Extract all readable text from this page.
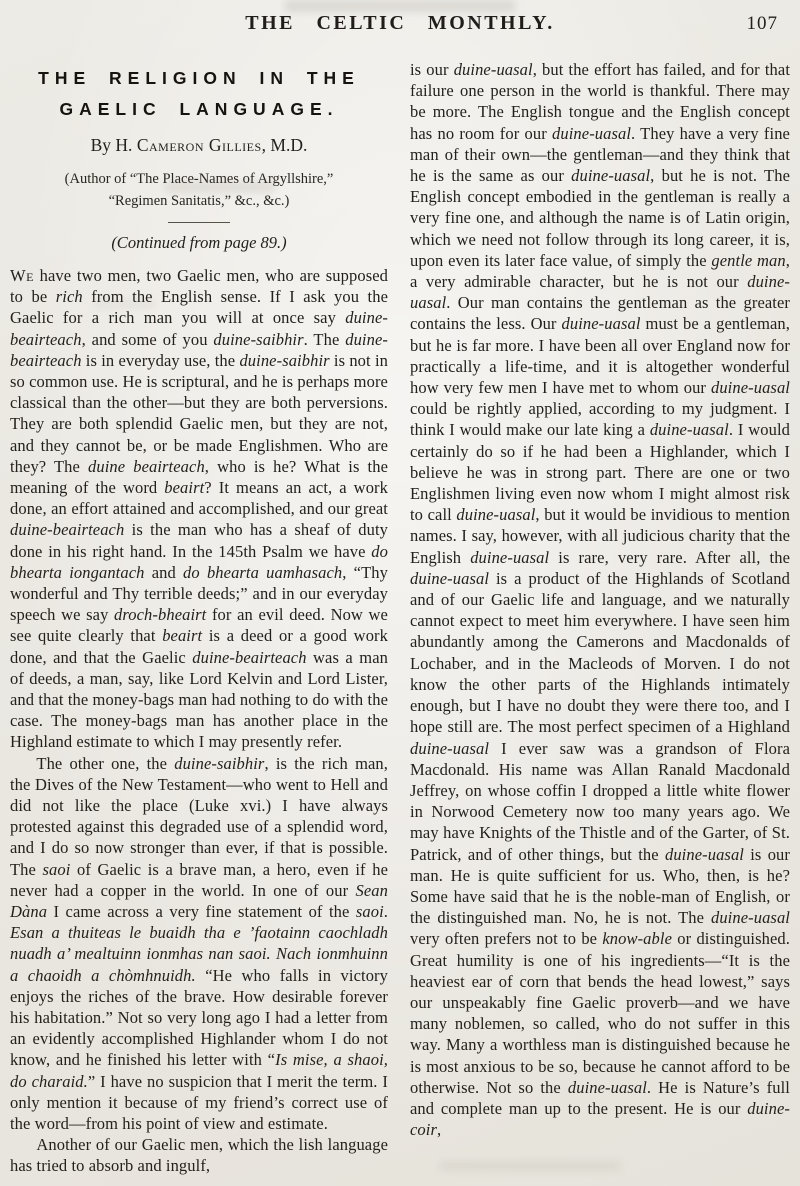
THE CELTIC MONTHLY.	107
THE RELIGION IN THE
GAELIC LANGUAGE.
By H. Cameron Gillies, M.D.
(Author of “The Place-Names of Argyllshire,”
“Regimen Sanitatis,” &c., &c.)
(Continued from page 89.)

We have two men, two Gaelic men, who are supposed to be rich from the English sense. If I ask you the Gaelic for a rich man you will at once say duine-beairteach, and some of you duine-saibhir. The duine-beairteach is in everyday use, the duine-saibhir is not in so common use. He is scriptural, and he is perhaps more classical than the other—but they are both perversions. They are both splendid Gaelic men, but they are not, and they cannot be, or be made Englishmen. Who are they? The duine beairteach, who is he? What is the meaning of the word beairt? It means an act, a work done, an effort attained and accomplished, and our great duine-beairteach is the man who has a sheaf of duty done in his right hand. In the 145th Psalm we have do bhearta iongantach and do bhearta uamhasach, “Thy wonderful and Thy terrible deeds;” and in our everyday speech we say droch-bheairt for an evil deed. Now we see quite clearly that beairt is a deed or a good work done, and that the Gaelic duine-beairteach was a man of deeds, a man, say, like Lord Kelvin and Lord Lister, and that the money-bags man had nothing to do with the case. The money-bags man has another place in the Highland estimate to which I may presently refer.

The other one, the duine-saibhir, is the rich man, the Dives of the New Testament—who went to Hell and did not like the place (Luke xvi.) I have always protested against this degraded use of a splendid word, and I do so now stronger than ever, if that is possible. The saoi of Gaelic is a brave man, a hero, even if he never had a copper in the world. In one of our Sean Dàna I came across a very fine statement of the saoi. Esan a thuiteas le buaidh tha e ’faotainn caochladh nuadh a’ mealtuinn ionmhas nan saoi. Nach ionmhuinn a chaoidh a chòmhnuidh. “He who falls in victory enjoys the riches of the brave. How desirable forever his habitation.” Not so very long ago I had a letter from an evidently accomplished Highlander whom I do not know, and he finished his letter with “Is mise, a shaoi, do charaid.” I have no suspicion that I merit the term. I only mention it because of my friend’s correct use of the word—from his point of view and estimate.

Another of our Gaelic men, which the lish language has tried to absorb and ingulf,

is our duine-uasal, but the effort has failed, and for that failure one person in the world is thankful. There may be more. The English tongue and the English concept has no room for our duine-uasal. They have a very fine man of their own—the gentleman—and they think that he is the same as our duine-uasal, but he is not. The English concept embodied in the gentleman is really a very fine one, and although the name is of Latin origin, which we need not follow through its long career, it is, upon even its later face value, of simply the gentle man, a very admirable character, but he is not our duine-uasal. Our man contains the gentleman as the greater contains the less. Our duine-uasal must be a gentleman, but he is far more. I have been all over England now for practically a life-time, and it is altogether wonderful how very few men I have met to whom our duine-uasal could be rightly applied, according to my judgment. I think I would make our late king a duine-uasal. I would certainly do so if he had been a Highlander, which I believe he was in strong part. There are one or two Englishmen living even now whom I might almost risk to call duine-uasal, but it would be invidious to mention names. I say, however, with all judicious charity that the English duine-uasal is rare, very rare. After all, the duine-uasal is a product of the Highlands of Scotland and of our Gaelic life and language, and we naturally cannot expect to meet him everywhere. I have seen him abundantly among the Camerons and Macdonalds of Lochaber, and in the Macleods of Morven. I do not know the other parts of the Highlands intimately enough, but I have no doubt they were there too, and I hope still are. The most perfect specimen of a Highland duine-uasal I ever saw was a grandson of Flora Macdonald. His name was Allan Ranald Macdonald Jeffrey, on whose coffin I dropped a little white flower in Norwood Cemetery now too many years ago. We may have Knights of the Thistle and of the Garter, of St. Patrick, and of other things, but the duine-uasal is our man. He is quite sufficient for us. Who, then, is he? Some have said that he is the noble-man of English, or the distinguished man. No, he is not. The duine-uasal very often prefers not to be know-able or distinguished. Great humility is one of his ingredients—“It is the heaviest ear of corn that bends the head lowest,” says our unspeakably fine Gaelic proverb—and we have many noblemen, so called, who do not suffer in this way. Many a worthless man is distinguished because he is most anxious to be so, because he cannot afford to be otherwise. Not so the duine-uasal. He is Nature’s full and complete man up to the present. He is our duine-coir,
